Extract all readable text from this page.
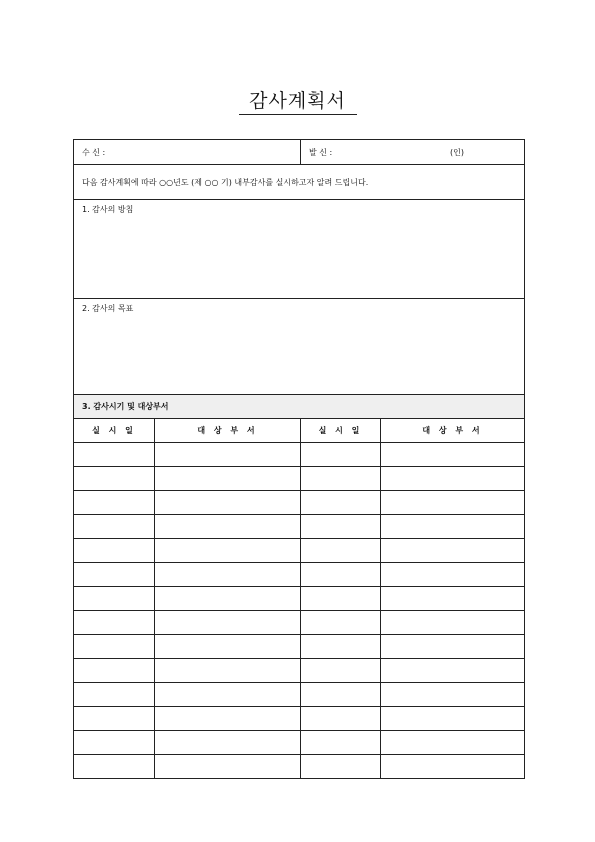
감사계획서
수 신 :		발 신 : (인)	

다음 감사계획에 따라 ○○년도 (제 ○○ 기) 내부감사를 실시하고자 알려 드립니다.			
1. 감사의 방침			
2. 감사의 목표			
3. 감사시기 및 대상부서			
실 시 일	대 상 부 서	실 시 일	대 상 부 서
